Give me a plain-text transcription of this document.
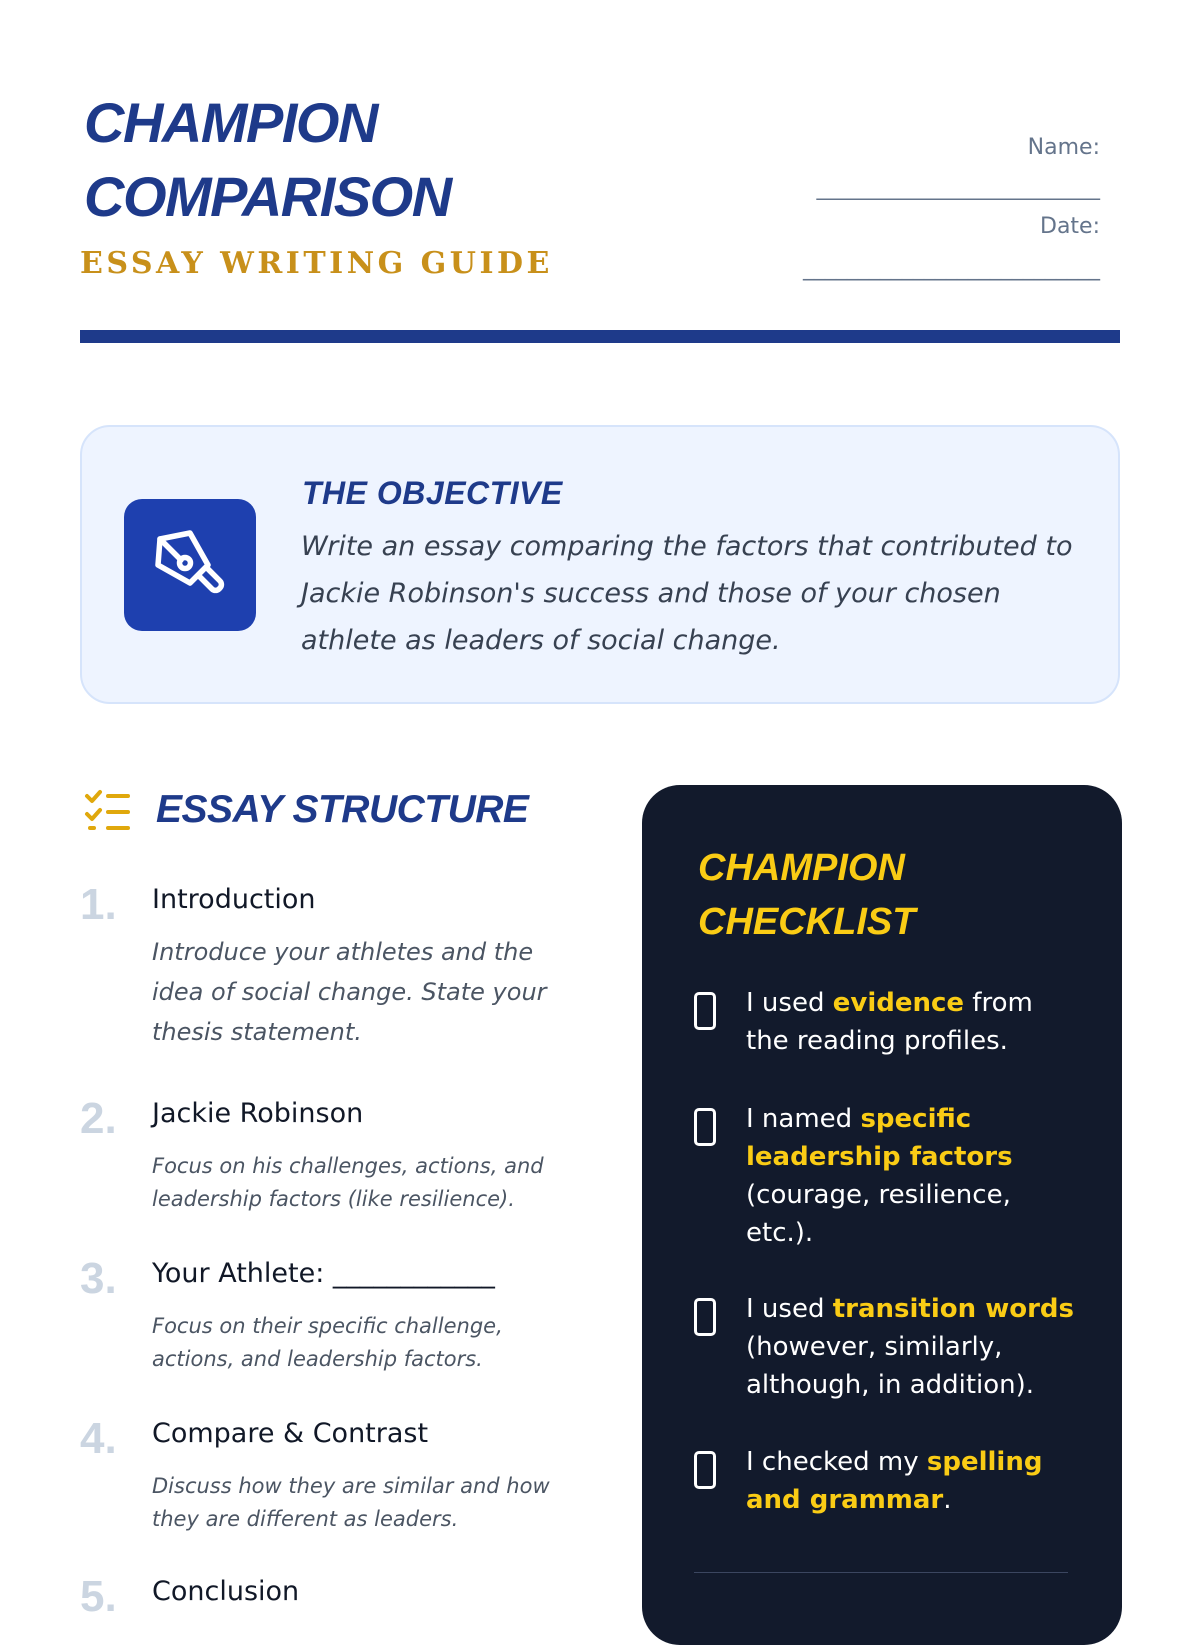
CHAMPION
COMPARISON
ESSAY WRITING GUIDE
Name:
___________________________
Date:
___________________________
THE OBJECTIVE
Write an essay comparing the factors that contributed to Jackie Robinson's success and those of your chosen athlete as leaders of social change.
ESSAY STRUCTURE
1. Introduction
Introduce your athletes and the idea of social change. State your thesis statement.
2. Jackie Robinson
Focus on his challenges, actions, and leadership factors (like resilience).
3. Your Athlete: ____________
Focus on their specific challenge, actions, and leadership factors.
4. Compare & Contrast
Discuss how they are similar and how they are different as leaders.
5. Conclusion
CHAMPION
CHECKLIST
I used evidence from the reading profiles.
I named specific leadership factors (courage, resilience, etc.).
I used transition words (however, similarly, although, in addition).
I checked my spelling and grammar.
